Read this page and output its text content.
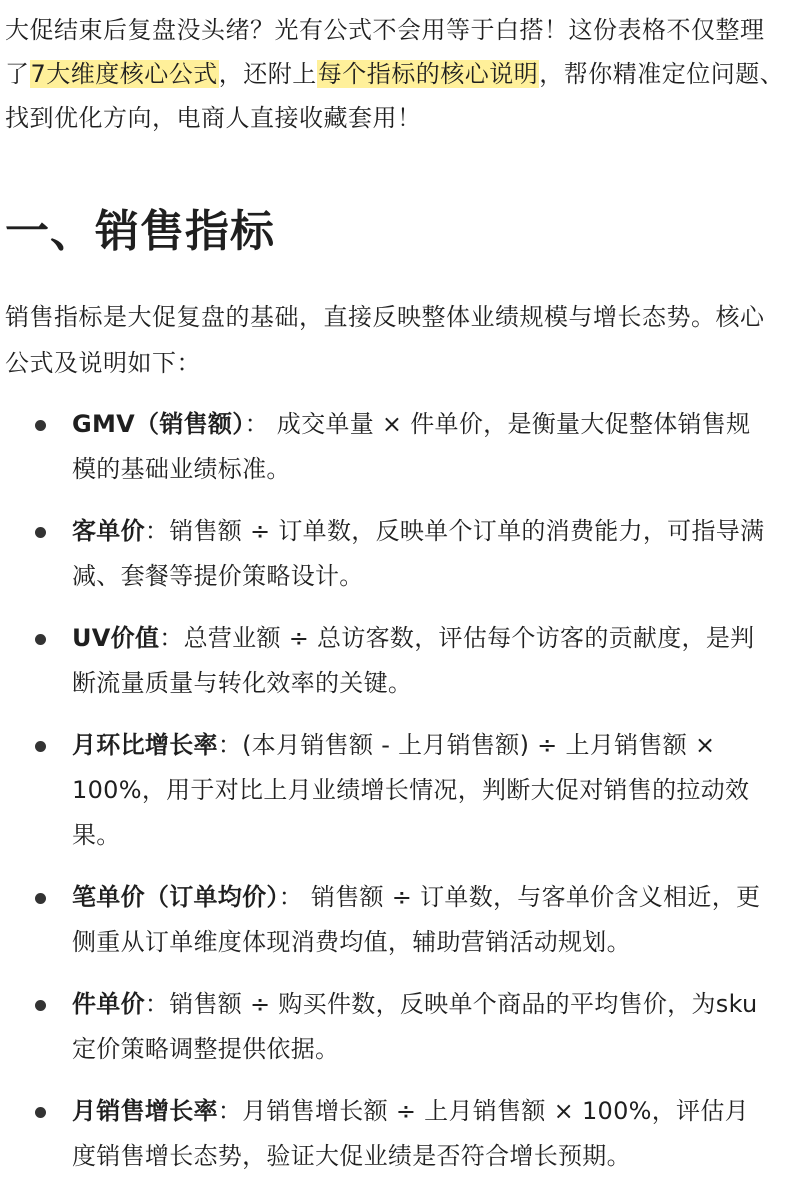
大促结束后复盘没头绪？光有公式不会用等于白搭！这份表格不仅整理了7大维度核心公式，还附上每个指标的核心说明，帮你精准定位问题、找到优化方向，电商人直接收藏套用！

一、销售指标

销售指标是大促复盘的基础，直接反映整体业绩规模与增长态势。核心公式及说明如下：

GMV（销售额）： 成交单量 × 件单价，是衡量大促整体销售规模的基础业绩标准。
客单价：销售额 ÷ 订单数，反映单个订单的消费能力，可指导满减、套餐等提价策略设计。
UV价值：总营业额 ÷ 总访客数，评估每个访客的贡献度，是判断流量质量与转化效率的关键。
月环比增长率：(本月销售额 - 上月销售额) ÷ 上月销售额 × 100%，用于对比上月业绩增长情况，判断大促对销售的拉动效果。
笔单价（订单均价）： 销售额 ÷ 订单数，与客单价含义相近，更侧重从订单维度体现消费均值，辅助营销活动规划。
件单价：销售额 ÷ 购买件数，反映单个商品的平均售价，为sku定价策略调整提供依据。
月销售增长率：月销售增长额 ÷ 上月销售额 × 100%，评估月度销售增长态势，验证大促业绩是否符合增长预期。
